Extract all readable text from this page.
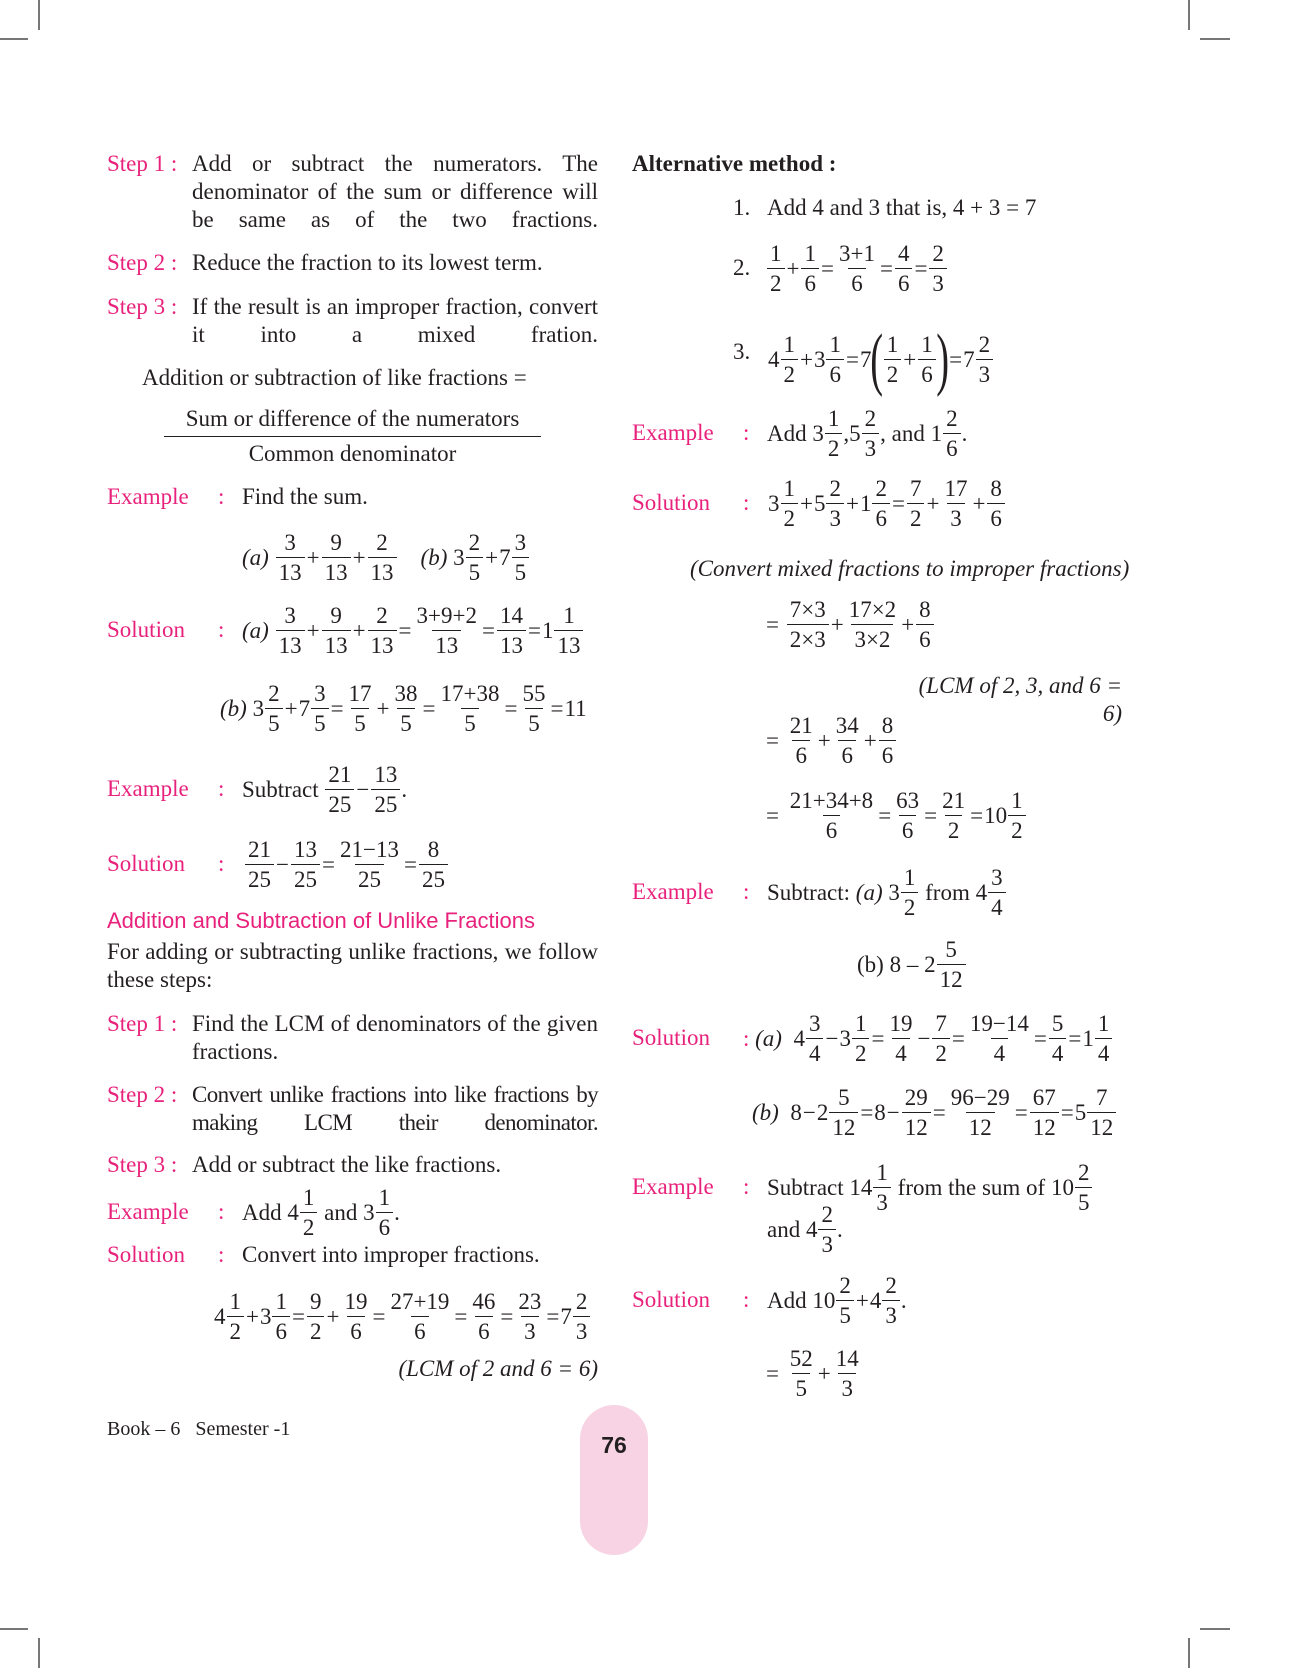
Step 1 : Add or subtract the numerators. The denominator of the sum or difference will be same as of the two fractions.
Step 2 : Reduce the fraction to its lowest term.
Step 3 : If the result is an improper fraction, convert it into a mixed fration.
Addition or subtraction of like fractions =
Sum or difference of the numerators
Common denominator
Example : Find the sum.
(a)
$\frac{3}{13} + \frac{9}{13} + \frac{2}{13}$
(b) $3 \frac{2}{5} + 7 \frac{3}{5}$
Solution : (a)
$\frac{3}{13} + \frac{9}{13} + \frac{2}{13} = \frac{3+9+2}{13} = \frac{14}{13} = 1 \frac{1}{13}$
(b) $3 \frac{2}{5} + 7 \frac{3}{5} = \frac{17}{5} + \frac{38}{5} = \frac{17+38}{5} = \frac{55}{5} = 11$
Example : Subtract
$\frac{21}{25} - \frac{13}{25}$ .
Solution : $\frac{21}{25} - \frac{13}{25} = \frac{21-13}{25} = \frac{8}{25}$
Addition and Subtraction of Unlike Fractions
For adding or subtracting unlike fractions, we follow these steps:
Step 1 : Find the LCM of denominators of the given fractions.
Step 2 : Convert unlike fractions into like fractions by making LCM their denominator.
Step 3 : Add or subtract the like fractions.
Example : Add $4 \frac{1}{2}$
and $3 \frac{1}{6}$ .
Solution : Convert into improper fractions.
$4 \frac{1}{2} + 3 \frac{1}{6} = \frac{9}{2} + \frac{19}{6} = \frac{27+19}{6} = \frac{46}{6} = \frac{23}{3} = 7 \frac{2}{3}$
(LCM of 2 and 6 = 6)
Alternative method :
1. Add 4 and 3 that is, 4 + 3 = 7
2. $\frac{1}{2} + \frac{1}{6} = \frac{3+1}{6} = \frac{4}{6} = \frac{2}{3}$
3. $4 \frac{1}{2} + 3 \frac{1}{6} = 7$ ( $\frac{1}{2} + \frac{1}{6}$ ) = $7 \frac{2}{3}$
Example : Add $3 \frac{1}{2} ,5 \frac{2}{3}$ , and $1 \frac{2}{6}$ .
Solution : $3 \frac{1}{2} + 5 \frac{2}{3} + 1 \frac{2}{6} = \frac{7}{2} + \frac{17}{3} + \frac{8}{6}$
(Convert mixed fractions to improper fractions)
=
$\frac{7\times 3}{2\times 3} + \frac{17\times 2}{3\times 2} + \frac{8}{6}$
(LCM of 2, 3, and 6 = 6)
=
$\frac{21}{6} + \frac{34}{6} + \frac{8}{6}$
=
$\frac{21+34+8}{6} = \frac{63}{6} = \frac{21}{2} = 10 \frac{1}{2}$
Example : Subtract:
(a) $3 \frac{1}{2}$
from $4 \frac{3}{4}$
(b) $8 - 2 \frac{5}{12}$
Solution :
(a) $4 \frac{3}{4} - 3 \frac{1}{2} = \frac{19}{4} - \frac{7}{2} = \frac{19-14}{4} = \frac{5}{4} = 1 \frac{1}{4}$
(b) $8 - 2 \frac{5}{12} = 8 - \frac{29}{12} = \frac{96-29}{12} = \frac{67}{12} = 5 \frac{7}{12}$
Example : Subtract $14 \frac{1}{3}$
from the sum of $10 \frac{2}{5}$
and $4 \frac{2}{3}$ .
Solution : Add $10 \frac{2}{5} + 4 \frac{2}{3}$ .
=
$\frac{52}{5} + \frac{14}{3}$
Book – 6 Semester -1
76
